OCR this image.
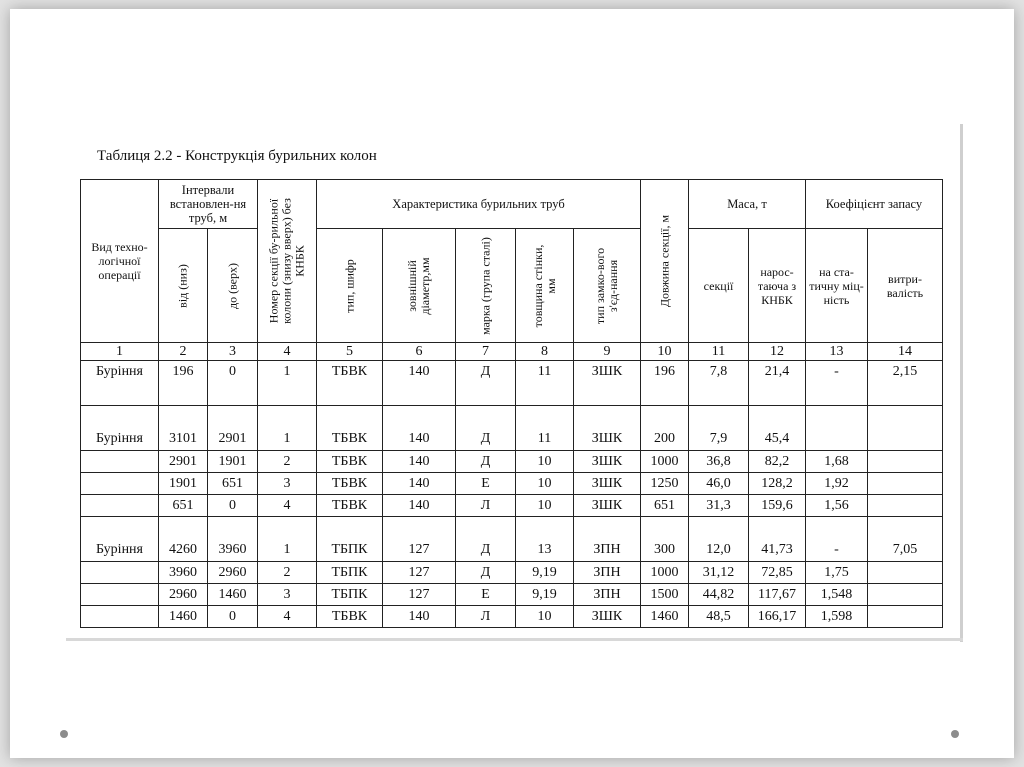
Таблиця 2.2 - Конструкція бурильних колон
Вид техно-логічної операції	Інтервали встановлен-ня труб, м		Номер секції бу-рильної колони (знизу вверх) без КНБК	Характеристика бурильних труб					Довжина секції, м	Маса, т		Коефіцієнт запасу	

	від (низ)	до (верх)		тип, шифр	зовнішній діаметр,мм	марка (група сталі)	товщина стінки, мм	тип замко-вого з'єд-нання		секції	нарос-таюча з КНБК	на ста-тичну міц-ність	витри-валість
1	2	3	4	5	6	7	8	9	10	11	12	13	14
Буріння	196	0	1	ТБВК	140	Д	11	ЗШК	196	7,8	21,4	-	2,15
Буріння	3101	2901	1	ТБВК	140	Д	11	ЗШК	200	7,9	45,4		
	2901	1901	2	ТБВК	140	Д	10	ЗШК	1000	36,8	82,2	1,68	
	1901	651	3	ТБВК	140	Е	10	ЗШК	1250	46,0	128,2	1,92	
	651	0	4	ТБВК	140	Л	10	ЗШК	651	31,3	159,6	1,56	
Буріння	4260	3960	1	ТБПК	127	Д	13	ЗПН	300	12,0	41,73	-	7,05
	3960	2960	2	ТБПК	127	Д	9,19	ЗПН	1000	31,12	72,85	1,75	
	2960	1460	3	ТБПК	127	Е	9,19	ЗПН	1500	44,82	117,67	1,548	
	1460	0	4	ТБВК	140	Л	10	ЗШК	1460	48,5	166,17	1,598	
